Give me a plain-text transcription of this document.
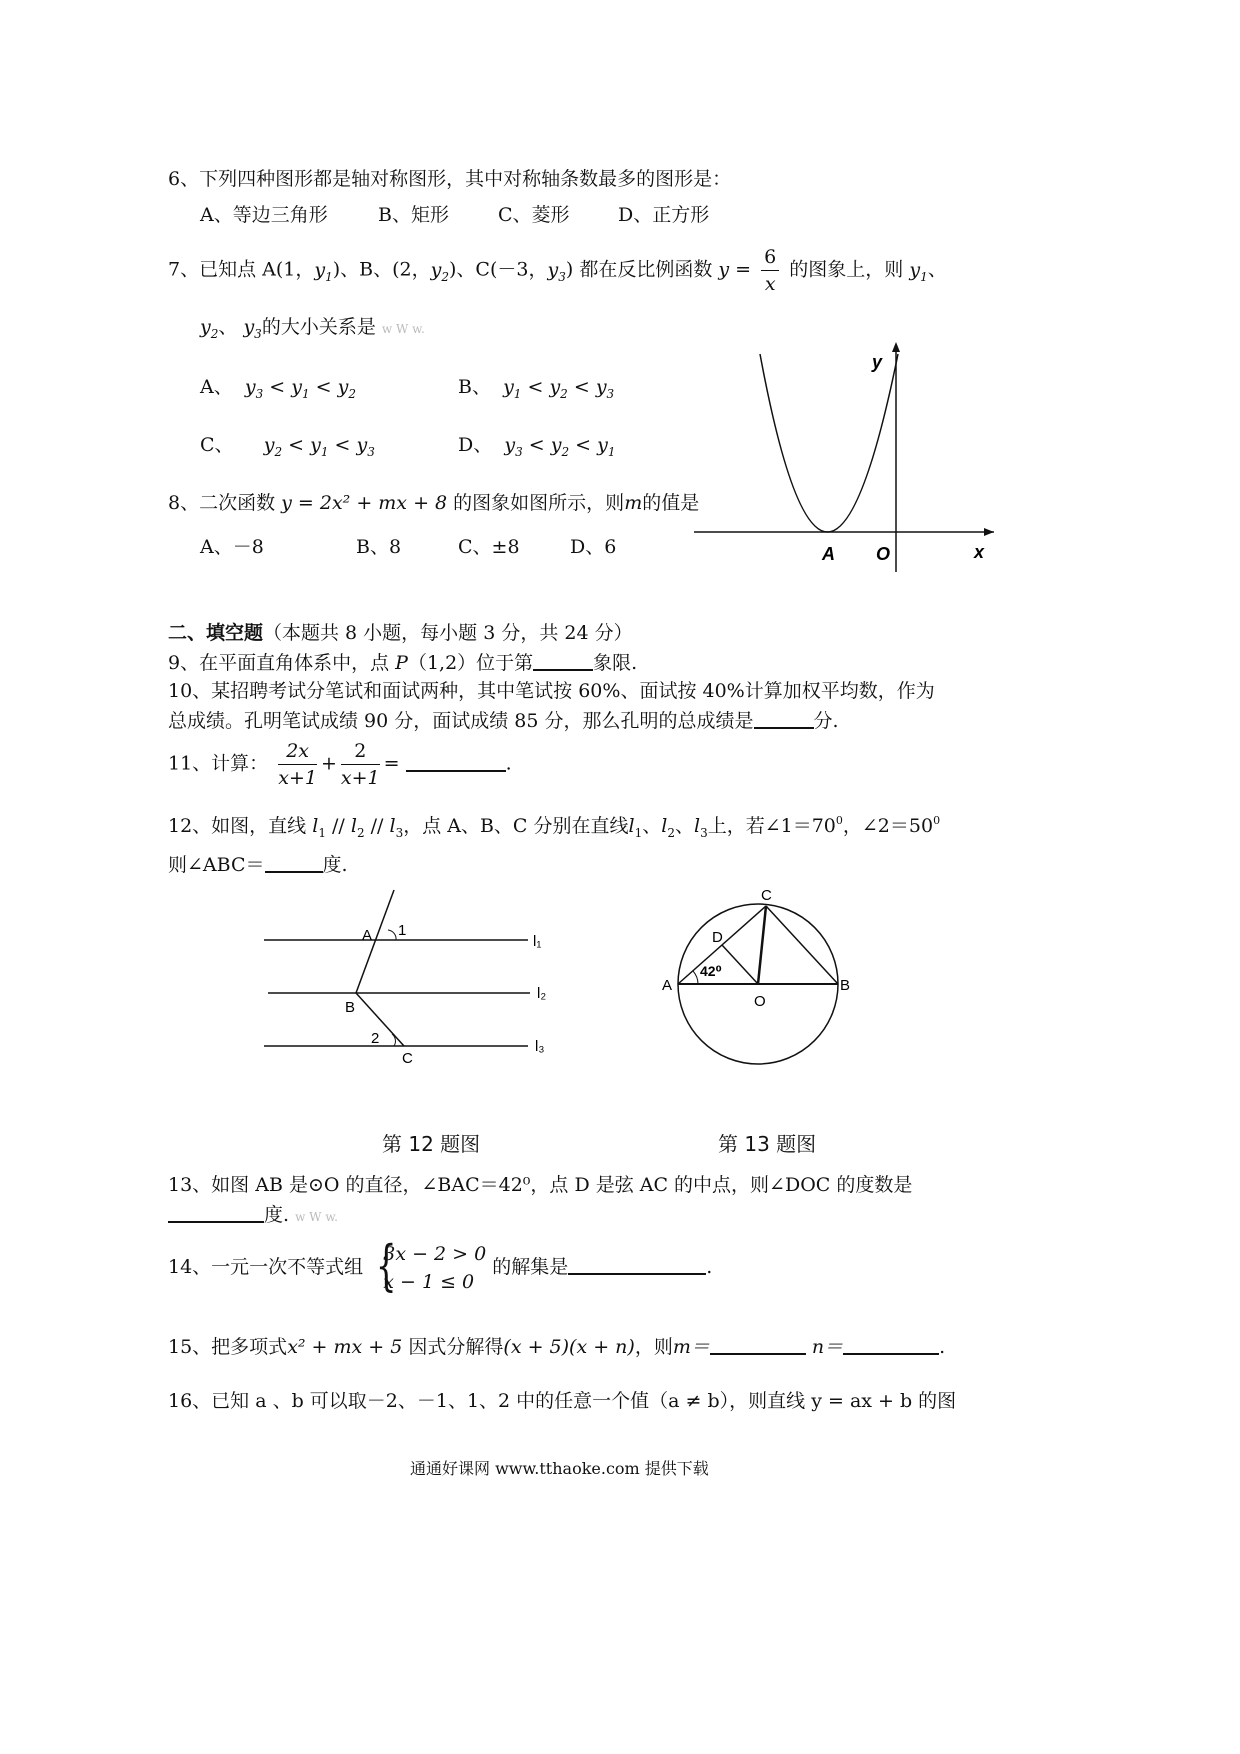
6、下列四种图形都是轴对称图形，其中对称轴条数最多的图形是：
A、等边三角形	B、矩形	C、菱形	D、正方形
7、已知点 A(1，$y_1$)、B、(2，$y_2$)、C(－3，$y_3$) 都在反比例函数 $y = \frac{6}{x}$ 的图象上，则 $y_1$、
$y_2$、 $y_3$的大小关系是 w W w.
A、 $y_3 < y_1 < y_2$	B、 $y_1 < y_2 < y_3$
C、 $y_2 < y_1 < y_3$	D、 $y_3 < y_2 < y_1$
8、二次函数 y = 2x² + mx + 8 的图象如图所示，则m的值是
A、－8	B、8	C、±8	D、6
y
x
A O
二、填空题（本题共 8 小题，每小题 3 分，共 24 分）
9、在平面直角体系中，点 P（1,2）位于第	象限.
10、某招聘考试分笔试和面试两种，其中笔试按 60%、面试按 40%计算加权平均数，作为
总成绩。孔明笔试成绩 90 分，面试成绩 85 分，那么孔明的总成绩是	分.
11、计算： $\frac{2x}{x+1} + \frac{2}{x+1}$ =	.
12、如图，直线 $l_1 // l_2 // l_3$，点 A、B、C 分别在直线$l_1$、$l_2$、$l_3$上，若$\angle 1=70^0$，$\angle 2=50^0$
则∠ABC＝	度.
A 1
B
2
C
l₁
l₂
l₃
C
D
42⁰
A	B
O
第 12 题图	第 13 题图
13、如图 AB 是⊙O 的直径，∠BAC＝42⁰，点 D 是弦 AC 的中点，则∠DOC 的度数是
度. w W w.
14、一元一次不等式组 {
3x − 2 > 0
x − 1 ≤ 0
的解集是	.
15、把多项式x² + mx + 5 因式分解得(x + 5)(x + n)，则m＝	n＝	.
16、已知 a 、b 可以取－2、－1、1、2 中的任意一个值（a ≠ b），则直线 y = ax + b 的图
通通好课网 www.tthaoke.com 提供下载
